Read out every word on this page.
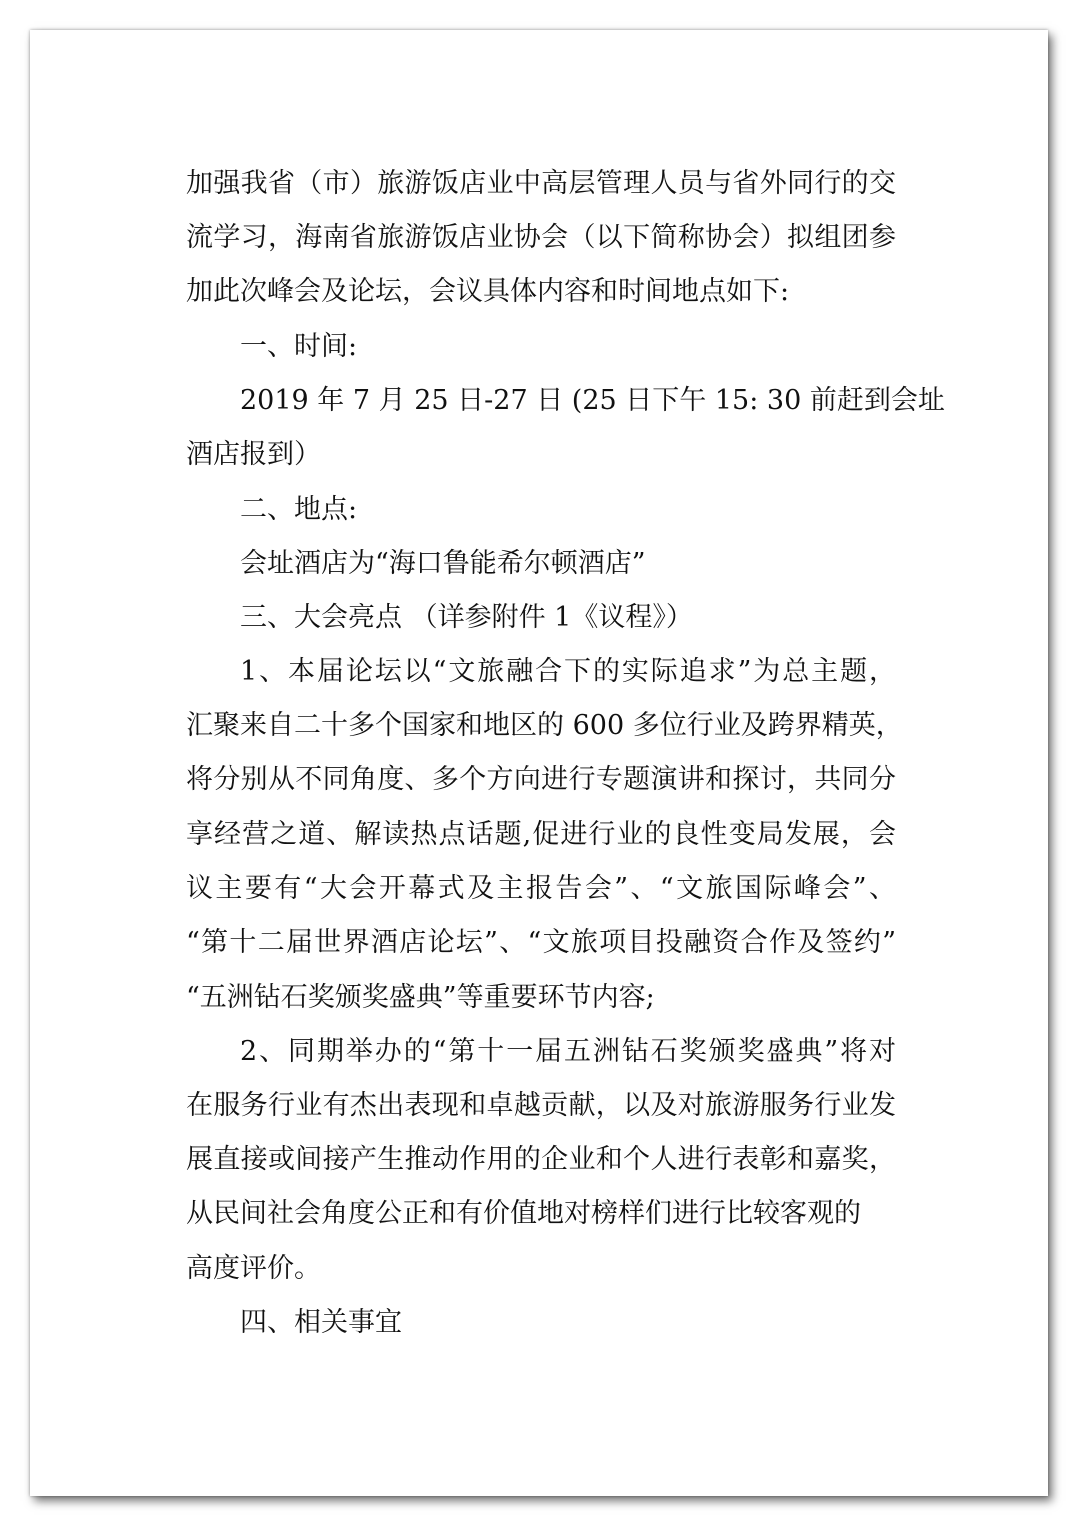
加强我省（市）旅游饭店业中高层管理人员与省外同行的交
流学习，海南省旅游饭店业协会（以下简称协会）拟组团参
加此次峰会及论坛，会议具体内容和时间地点如下:
一、时间:
2019 年 7 月 25 日-27 日 (25 日下午 15: 30 前赶到会址
酒店报到）
二、地点:
会址酒店为“海口鲁能希尔顿酒店”
三、大会亮点 （详参附件 1《议程》）
1、本届论坛以“文旅融合下的实际追求”为总主题，
汇聚来自二十多个国家和地区的 600 多位行业及跨界精英，
将分别从不同角度、多个方向进行专题演讲和探讨，共同分
享经营之道、解读热点话题,促进行业的良性变局发展，会
议主要有“大会开幕式及主报告会”、“文旅国际峰会”、
“第十二届世界酒店论坛”、“文旅项目投融资合作及签约”
“五洲钻石奖颁奖盛典”等重要环节内容;
2、同期举办的“第十一届五洲钻石奖颁奖盛典”将对
在服务行业有杰出表现和卓越贡献，以及对旅游服务行业发
展直接或间接产生推动作用的企业和个人进行表彰和嘉奖，
从民间社会角度公正和有价值地对榜样们进行比较客观的
高度评价。
四、相关事宜
